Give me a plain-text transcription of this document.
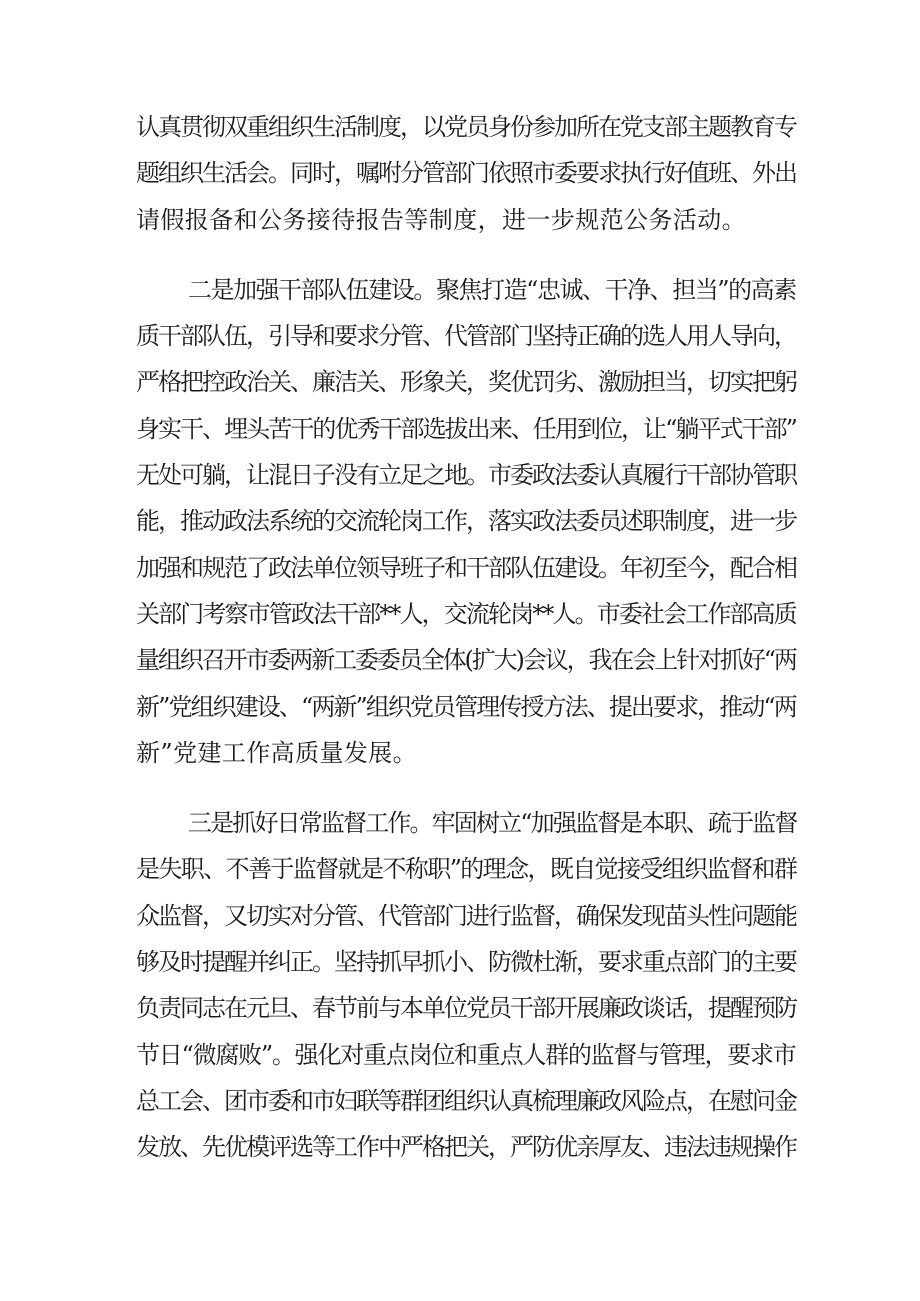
认真贯彻双重组织生活制度，以党员身份参加所在党支部主题教育专
题组织生活会。同时，嘱咐分管部门依照市委要求执行好值班、外出
请假报备和公务接待报告等制度，进一步规范公务活动。
二是加强干部队伍建设。聚焦打造“忠诚、干净、担当”的高素
质干部队伍，引导和要求分管、代管部门坚持正确的选人用人导向，
严格把控政治关、廉洁关、形象关，奖优罚劣、激励担当，切实把躬
身实干、埋头苦干的优秀干部选拔出来、任用到位，让“躺平式干部”
无处可躺，让混日子没有立足之地。市委政法委认真履行干部协管职
能，推动政法系统的交流轮岗工作，落实政法委员述职制度，进一步
加强和规范了政法单位领导班子和干部队伍建设。年初至今，配合相
关部门考察市管政法干部**人，交流轮岗**人。市委社会工作部高质
量组织召开市委两新工委委员全体(扩大)会议，我在会上针对抓好“两
新”党组织建设、“两新”组织党员管理传授方法、提出要求，推动“两
新”党建工作高质量发展。
三是抓好日常监督工作。牢固树立“加强监督是本职、疏于监督
是失职、不善于监督就是不称职”的理念，既自觉接受组织监督和群
众监督，又切实对分管、代管部门进行监督，确保发现苗头性问题能
够及时提醒并纠正。坚持抓早抓小、防微杜渐，要求重点部门的主要
负责同志在元旦、春节前与本单位党员干部开展廉政谈话，提醒预防
节日“微腐败”。强化对重点岗位和重点人群的监督与管理，要求市
总工会、团市委和市妇联等群团组织认真梳理廉政风险点，在慰问金
发放、先优模评选等工作中严格把关，严防优亲厚友、违法违规操作
